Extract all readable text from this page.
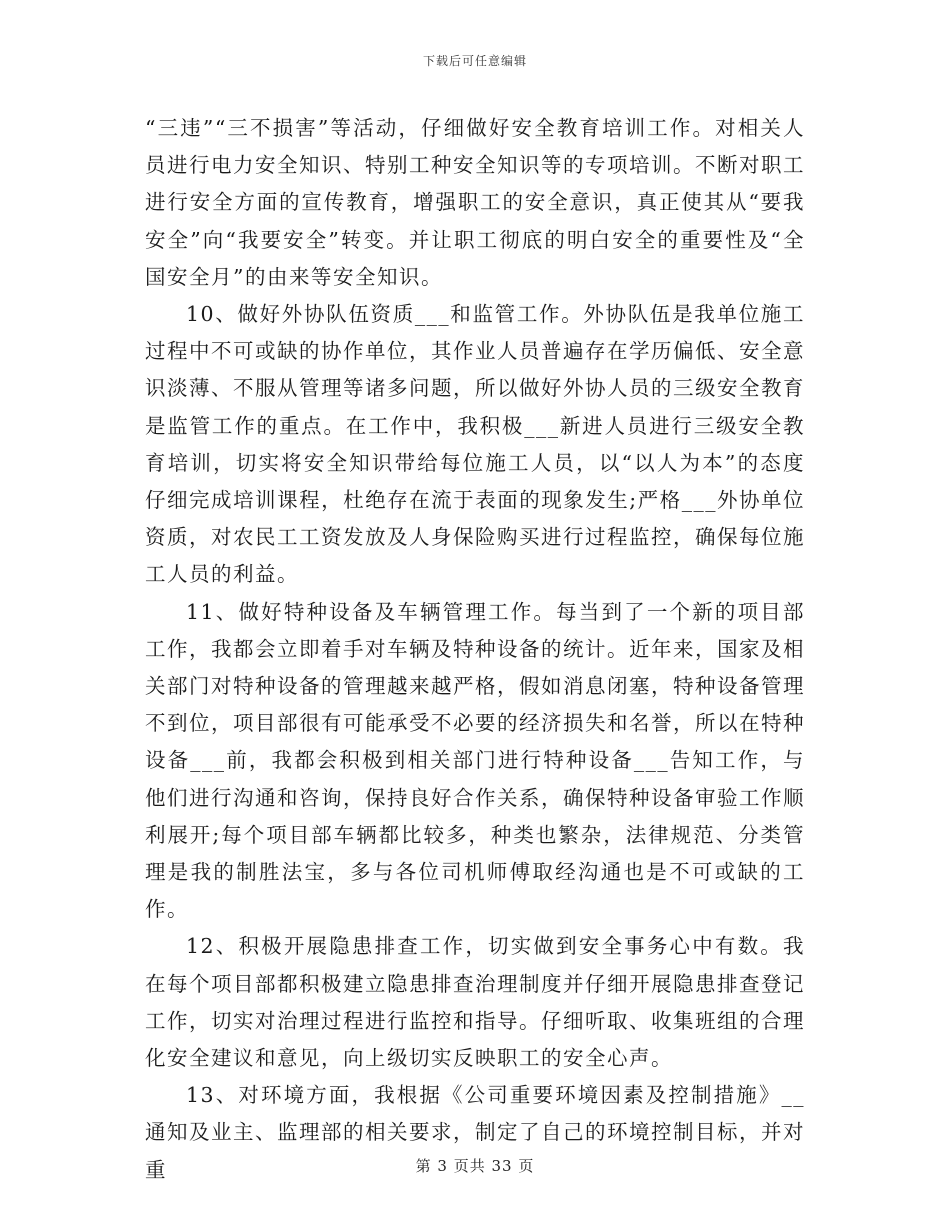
下载后可任意编辑

“三违”“三不损害”等活动，仔细做好安全教育培训工作。对相关人员进行电力安全知识、特别工种安全知识等的专项培训。不断对职工进行安全方面的宣传教育，增强职工的安全意识，真正使其从“要我安全”向“我要安全”转变。并让职工彻底的明白安全的重要性及“全国安全月”的由来等安全知识。

10、做好外协队伍资质___和监管工作。外协队伍是我单位施工过程中不可或缺的协作单位，其作业人员普遍存在学历偏低、安全意识淡薄、不服从管理等诸多问题，所以做好外协人员的三级安全教育是监管工作的重点。在工作中，我积极___新进人员进行三级安全教育培训，切实将安全知识带给每位施工人员，以“以人为本”的态度仔细完成培训课程，杜绝存在流于表面的现象发生;严格___外协单位资质，对农民工工资发放及人身保险购买进行过程监控，确保每位施工人员的利益。

11、做好特种设备及车辆管理工作。每当到了一个新的项目部工作，我都会立即着手对车辆及特种设备的统计。近年来，国家及相关部门对特种设备的管理越来越严格，假如消息闭塞，特种设备管理不到位，项目部很有可能承受不必要的经济损失和名誉，所以在特种设备___前，我都会积极到相关部门进行特种设备___告知工作，与他们进行沟通和咨询，保持良好合作关系，确保特种设备审验工作顺利展开;每个项目部车辆都比较多，种类也繁杂，法律规范、分类管理是我的制胜法宝，多与各位司机师傅取经沟通也是不可或缺的工作。

12、积极开展隐患排查工作，切实做到安全事务心中有数。我在每个项目部都积极建立隐患排查治理制度并仔细开展隐患排查登记工作，切实对治理过程进行监控和指导。仔细听取、收集班组的合理化安全建议和意见，向上级切实反映职工的安全心声。

13、对环境方面，我根据《公司重要环境因素及控制措施》__通知及业主、监理部的相关要求，制定了自己的环境控制目标，并对重	第 3 页共 33 页
